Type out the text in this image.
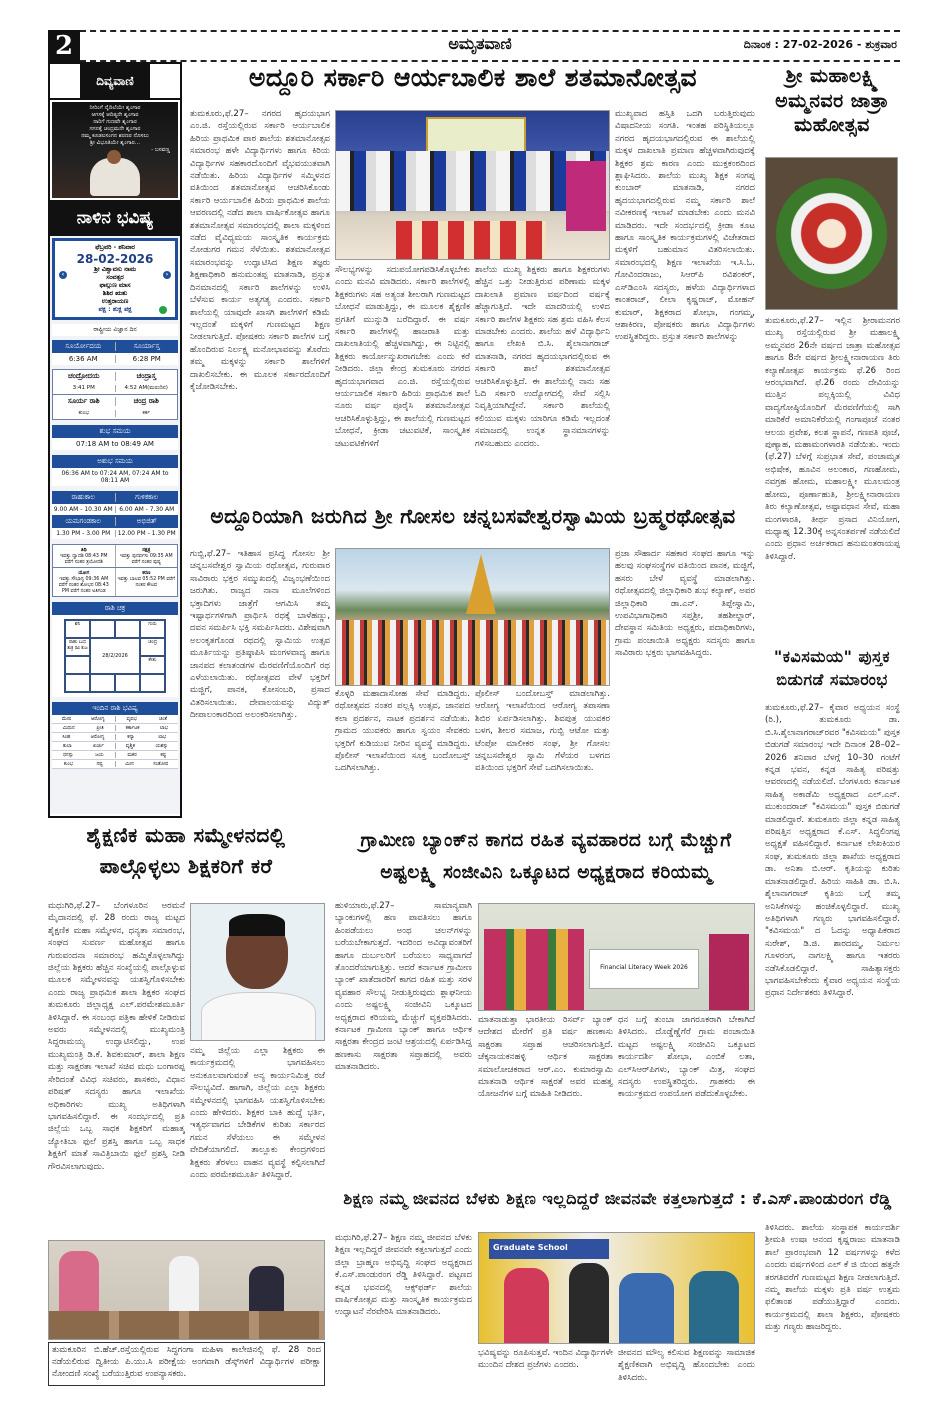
2	ಅಮೃತವಾಣಿ	ದಿನಾಂಕ : 27-02-2026 - ಶುಕ್ರವಾರ
ದಿವ್ಯವಾಣಿ
ನೀರಿಂಗೆ ನೈದಿಲೆಯೇ ಶೃಂಗಾರ
ಆಗಸಕ್ಕೆ ಆದಿತ್ಯನೇ ಶೃಂಗಾರ
ನಾರಿಗೆ ಗುಣವೇ ಶೃಂಗಾರ
ಗಗನಕ್ಕೆ ಚಂದ್ರಮನೇ ಶೃಂಗಾರ
ನಮ್ಮ ಕೂಡಲಸಂಗನ ಶರಣರ ನೊಸಲು
ಶ್ರೀ ವಿಭೂತಿಯೇ ಶೃಂಗಾರ...
- ಬಸವಣ್ಣ
ನಾಳಿನ ಭವಿಷ್ಯ
ಫೆಬ್ರವರಿ - ಶನಿವಾರ
28-02-2026
ಶ್ರೀ ವಿಶ್ವಾವಸು ನಾಮ
ಸಂವತ್ಸರ
ಫಾಲ್ಗುಣ ಮಾಸ
ಶಿಶಿರ ಋತು
ಉತ್ತರಾಯಣ
ಪಕ್ಷ : ಶುಕ್ಲ ಪಕ್ಷ
‹	›
ರಾಷ್ಟ್ರೀಯ ವಿಜ್ಞಾನ ದಿನ
ಸೂರ್ಯೋದಯ	ಸೂರ್ಯಾಸ್ತ
6:36 AM	6:28 PM
ಚಂದ್ರೋದಯ	ಚಂದ್ರಾಸ್ತ
3:41 PM	4:52 AM(ಮರುದಿನ)
ಸೂರ್ಯ ರಾಶಿ	ಚಂದ್ರ ರಾಶಿ
ಕುಂಭ	ಕರ್ಕ
ಶುಭ ಸಮಯ
07:18 AM to 08:49 AM
ಅಶುಭ ಸಮಯ
06:36 AM to 07:24 AM, 07:24 AM to 08:11 AM
ರಾಹುಕಾಲ	ಗುಳಿಕಕಾಲ
9.00 AM - 10.30 AM	6.00 AM - 7.30 AM
ಯಮಗಂಡಕಾಲ	ಅಭಿಜಿತ್
1.30 PM - 3.00 PM	12.00 PM - 1.30 PM
ತಿಥಿ
ಇವತ್ತು ದ್ವಾದಶಿ 08:43 PM ವರೆಗೆ ನಂತರ ತ್ರಯೋದಶಿ
ನಕ್ಷತ್ರ
ಇವತ್ತು ಪುನರ್ವಸು 09:35 AM ವರೆಗೆ ನಂತರ ಪುಷ್ಯ
ಯೋಗ
ಇವತ್ತು ಸೌಭಾಗ್ಯ 09:36 AM ವರೆಗೆ ನಂತರ ಶೋಭನ 08:43 PM ವರೆಗೆ ನಂತರ ಅತಿಗಂಡ
ಕರಣ
ಇವತ್ತು ಬಾಲವ 05:52 PM ವರೆಗೆ ನಂತರ ಕೌಲವ
ರಾಶಿ ಚಕ್ರ
ಶನಿ	ಗುರು
ರಾಹು ಬುಧ ಶುಕ್ರ ರವಿ ಕುಜ
28/2/2026
ಚಂದ್ರ
ಕೇತು
ಇಂದಿನ ರಾಶಿ ಭವಿಷ್ಯ
ಮೇಷ	ಆರೋಗ್ಯ	ವೃಷಭ	ಚಿಂತೆ
ಮಿಥುನ	ಪ್ರೀತಿ	ಕರ್ಕಾಟಕ	ಲಾಭ
ಸಿಂಹ	ಆರೋಗ್ಯ	ಕನ್ಯಾ	ಲಾಭ
ತುಲಾ	ಖರ್ಚು	ವೃಶ್ಚಿಕ	ಯಶಸ್ಸು
ಧನಸ್ಸು	ಜಯ	ಮಕರ	ಕಷ್ಟ
ಕುಂಭ	ನಷ್ಟ	ಮೀನ	ಸಂತೋಷ
ಅದ್ದೂರಿ ಸರ್ಕಾರಿ ಆರ್ಯಬಾಲಿಕ ಶಾಲೆ ಶತಮಾನೋತ್ಸವ
ತುಮಕೂರು,ಫೆ.27– ನಗರದ ಹೃದಯಭಾಗ ಎಂ.ಜಿ. ರಸ್ತೆಯಲ್ಲಿರುವ ಸರ್ಕಾರಿ ಆರ್ಯಬಾಲಿಕ ಹಿರಿಯ ಪ್ರಾಥಮಿಕ ಪಾಠ ಶಾಲೆಯ ಶತಮಾನೋತ್ಸವ ಸಮಾರಂಭ ಹಳೇ ವಿದ್ಯಾರ್ಥಿಗಳು ಹಾಗೂ ಕಿರಿಯ ವಿದ್ಯಾರ್ಥಿಗಳ ಸಹಕಾರದೊಂದಿಗೆ ವೈಭವಯುತವಾಗಿ ನಡೆಯಿತು. ಹಿರಿಯ ವಿದ್ಯಾರ್ಥಿಗಳ ಸಮ್ಮಿಳನದ ವತಿಯಿಂದ ಶತಮಾನೋತ್ಸವ ಆಚರಿಸಿಕೊಂಡು ಸರ್ಕಾರಿ ಆರ್ಯಬಾಲಿಕ ಹಿರಿಯ ಪ್ರಾಥಮಿಕ ಶಾಲೆಯ ಆವರಣದಲ್ಲಿ ನಡೆದ ಶಾಲಾ ವಾರ್ಷಿಕೋತ್ಸವ ಹಾಗೂ ಶತಮಾನೋತ್ಸವ ಸಮಾರಂಭದಲ್ಲಿ ಶಾಲಾ ಮಕ್ಕಳಿಂದ ನಡೆದ ವೈವಿಧ್ಯಮಯ ಸಾಂಸ್ಕೃತಿಕ ಕಾರ್ಯಕ್ರಮ ನೋಡುಗರ ಗಮನ ಸೆಳೆಯಿತು. ಶತಮಾನೋತ್ಸವ ಸಮಾರಂಭವನ್ನು ಉದ್ಘಾಟಿಸಿದ ಶಿಕ್ಷಣ ತಜ್ಞರು ಶಿಕ್ಷಣಾಧಿಕಾರಿ ಹನುಮಂತಪ್ಪ ಮಾತನಾಡಿ, ಪ್ರಸ್ತುತ ದಿನಮಾನದಲ್ಲಿ ಸರ್ಕಾರಿ ಶಾಲೆಗಳನ್ನು ಉಳಿಸಿ ಬೆಳೆಸುವ ಕಾರ್ಯ ಅತ್ಯಗತ್ಯ ಎಂದರು. ಸರ್ಕಾರಿ ಶಾಲೆಯಲ್ಲಿ ಯಾವುದೇ ಖಾಸಗಿ ಶಾಲೆಗಳಿಗೆ ಕಡಿಮೆ ಇಲ್ಲದಂತೆ ಮಕ್ಕಳಿಗೆ ಗುಣಮಟ್ಟದ ಶಿಕ್ಷಣ ನೀಡಲಾಗುತ್ತಿದೆ. ಪೋಷಕರು ಸರ್ಕಾರಿ ಶಾಲೆಗಳ ಬಗ್ಗೆ ಹೊಂದಿರುವ ನಿರ್ಲಕ್ಷ್ಯ ಮನೋಭಾವವನ್ನು ತೊರೆದು ತಮ್ಮ ಮಕ್ಕಳನ್ನು ಸರ್ಕಾರಿ ಶಾಲೆಗಳಿಗೆ ದಾಖಲಿಸಬೇಕು. ಈ ಮೂಲಕ ಸರ್ಕಾರದೊಂದಿಗೆ ಕೈಜೋಡಿಸಬೇಕು.
ಸೌಲಭ್ಯಗಳನ್ನು ಸದುಪಯೋಗಪಡಿಸಿಕೊಳ್ಳಬೇಕು ಎಂದು ಮನವಿ ಮಾಡಿದರು. ಸರ್ಕಾರಿ ಶಾಲೆಗಳಲ್ಲಿ ಶಿಕ್ಷಕರುಗಳು ಸಹ ಅತ್ಯಂತ ಶೀಲರಾಗಿ ಗುಣಮಟ್ಟದ ಬೋಧನೆ ಮಾಡುತ್ತಿದ್ದು, ಈ ಮೂಲಕ ಶೈಕ್ಷಣಿಕ ಪ್ರಗತಿಗೆ ಮುನ್ನುಡಿ ಬರೆದಿದ್ದಾರೆ. ಈ ವರ್ಷ ಸರ್ಕಾರಿ ಶಾಲೆಗಳಲ್ಲಿ ಹಾಜರಾತಿ ಮತ್ತು ದಾಖಲಾತಿಯಲ್ಲಿ ಹೆಚ್ಚಳವಾಗಿದ್ದು, ಈ ನಿಟ್ಟಿನಲ್ಲಿ ಶಿಕ್ಷಕರು ಕಾರ್ಯೋನ್ಮುಖರಾಗಬೇಕು ಎಂದು ಕರೆ ನೀಡಿದರು. ಜಿಲ್ಲಾ ಕೇಂದ್ರ ತುಮಕೂರು ನಗರದ ಹೃದಯಭಾಗವಾದ ಎಂ.ಜಿ. ರಸ್ತೆಯಲ್ಲಿರುವ ಆರ್ಯಬಾಲಿಕ ಸರ್ಕಾರಿ ಹಿರಿಯ ಪ್ರಾಥಮಿಕ ಶಾಲೆ ನೂರು ವರ್ಷ ಪೂರೈಸಿ ಶತಮಾನೋತ್ಸವ ಆಚರಿಸಿಕೊಳ್ಳುತ್ತಿದ್ದು, ಈ ಶಾಲೆಯಲ್ಲಿ ಗುಣಮಟ್ಟದ ಬೋಧನೆ, ಕ್ರೀಡಾ ಚಟುವಟಿಕೆ, ಸಾಂಸ್ಕೃತಿಕ ಚಟುವಟಿಕೆಗಳಿಗೆ
ಶಾಲೆಯ ಮುಖ್ಯ ಶಿಕ್ಷಕರು ಹಾಗೂ ಶಿಕ್ಷಕರುಗಳು ಹೆಚ್ಚಿನ ಒತ್ತು ನೀಡುತ್ತಿರುವ ಪರಿಣಾಮ ಮಕ್ಕಳ ದಾಖಲಾತಿ ಪ್ರಮಾಣ ವರ್ಷದಿಂದ ವರ್ಷಕ್ಕೆ ಹೆಚ್ಚಾಗುತ್ತಿದೆ. ಇದೇ ಮಾದರಿಯಲ್ಲಿ ಉಳಿದ ಸರ್ಕಾರಿ ಶಾಲೆಗಳ ಶಿಕ್ಷಕರು ಸಹ ಶ್ರಮ ವಹಿಸಿ ಕೆಲಸ ಮಾಡಬೇಕು ಎಂದರು. ಶಾಲೆಯ ಹಳೆ ವಿದ್ಯಾರ್ಥಿನಿ ಹಾಗೂ ಲೇಖಕಿ ಬಿ.ಸಿ. ಶೈಲಾನಾಗರಾಜ್ ಮಾತನಾಡಿ, ನಗರದ ಹೃದಯಭಾಗದಲ್ಲಿರುವ ಈ ಸರ್ಕಾರಿ ಶಾಲೆ ಶತಮಾನೋತ್ಸವ ಆಚರಿಸಿಕೊಳ್ಳುತ್ತಿದೆ. ಈ ಶಾಲೆಯಲ್ಲಿ ನಾನು ಸಹ ಓದಿ ಸರ್ಕಾರಿ ಉದ್ಯೋಗದಲ್ಲಿ ಸೇವೆ ಸಲ್ಲಿಸಿ ನಿವೃತ್ತಿಯಾಗಿದ್ದೇನೆ. ಸರ್ಕಾರಿ ಶಾಲೆಯಲ್ಲಿ ಕಲಿಯುವ ಮಕ್ಕಳು ಯಾರಿಗೂ ಕಡಿಮೆ ಇಲ್ಲದಂತೆ ಸಮಾಜದಲ್ಲಿ ಉನ್ನತ ಸ್ಥಾನಮಾನಗಳನ್ನು ಗಳಿಸಬಹುದು ಎಂದರು.
ಮುಖ್ಯವಾದ ಹಸ್ತಿತಿ ಒದಗಿ ಬರುತ್ತಿರುವುದು ವಿಷಾದನೀಯ ಸಂಗತಿ. ಇಂತಹ ಪರಿಸ್ಥಿತಿಯಲ್ಲೂ ನಗರದ ಹೃದಯಭಾಗದಲ್ಲಿರುವ ಈ ಶಾಲೆಯಲ್ಲಿ ಮಕ್ಕಳ ದಾಖಲಾತಿ ಪ್ರಮಾಣ ಹೆಚ್ಚಳವಾಗಿರುವುದಕ್ಕೆ ಶಿಕ್ಷಕರ ಶ್ರಮ ಕಾರಣ ಎಂದು ಮುಕ್ತಕಂಠದಿಂದ ಶ್ಲಾಘಿಸಿದರು. ಶಾಲೆಯ ಮುಖ್ಯ ಶಿಕ್ಷಕ ಸಂಗಪ್ಪ ಕುಂಬಾರ್ ಮಾತನಾಡಿ, ನಗರದ ಹೃದಯಭಾಗದಲ್ಲಿರುವ ನಮ್ಮ ಸರ್ಕಾರಿ ಶಾಲೆ ನವೀಕರಣಕ್ಕೆ ಇಲಾಖೆ ಮಾಡಬೇಕು ಎಂದು ಮನವಿ ಮಾಡಿದರು. ಇದೇ ಸಂದರ್ಭದಲ್ಲಿ ಕ್ರೀಡಾ ಕೂಟ ಹಾಗೂ ಸಾಂಸ್ಕೃತಿಕ ಕಾರ್ಯಕ್ರಮಗಳಲ್ಲಿ ವಿಜೇತರಾದ ಮಕ್ಕಳಿಗೆ ಬಹುಮಾನ ವಿತರಿಸಲಾಯಿತು. ಸಮಾರಂಭದಲ್ಲಿ ಶಿಕ್ಷಣ ಇಲಾಖೆಯ ಇ.ಸಿ.ಓ. ಗೋವಿಂದರಾಜು, ಸಿಆರ್‌ಪಿ ರವಿಶಂಕರ್, ಎಸ್‌ಡಿಎಂಸಿ ಸದಸ್ಯರು, ಹಳೆಯ ವಿದ್ಯಾರ್ಥಿಗಳಾದ ಕಾಂತರಾಜ್, ಲೀಲಾ ಕೃಷ್ಣರಾಜ್, ಮೋಹನ್ ಕುಮಾರ್, ಶಿಕ್ಷಕರಾದ ಶೋಭಾ, ಗಂಗಮ್ಮ, ಆಶಾಕಿರಣ, ಪೋಷಕರು ಹಾಗೂ ವಿದ್ಯಾರ್ಥಿಗಳು ಉಪಸ್ಥಿತರಿದ್ದರು. ಪ್ರಸ್ತುತ ಸರ್ಕಾರಿ ಶಾಲೆಗಳನ್ನು
ಶ್ರೀ ಮಹಾಲಕ್ಷ್ಮಿ ಅಮ್ಮನವರ ಜಾತ್ರಾ ಮಹೋತ್ಸವ
ತುಮಕೂರು,ಫೆ.27– ಇಲ್ಲಿನ ಶ್ರೀರಾಮನಗರ ಮುಖ್ಯ ರಸ್ತೆಯಲ್ಲಿರುವ ಶ್ರೀ ಮಹಾಲಕ್ಷ್ಮಿ ಅಮ್ಮನವರ 26ನೇ ವರ್ಷದ ಜಾತ್ರಾ ಮಹೋತ್ಸವ ಹಾಗೂ 8ನೇ ವರ್ಷದ ಶ್ರೀಲಕ್ಷ್ಮೀನಾರಾಯಣ ತಿರು ಕಲ್ಯಾಣೋತ್ಸವ ಕಾರ್ಯಕ್ರಮ ಫೆ.26 ರಿಂದ ಆರಂಭವಾಗಿದೆ. ಫೆ.26 ರಂದು ದೇವಿಯನ್ನು ಮುತ್ತಿನ ಪಲ್ಲಕ್ಕಿಯಲ್ಲಿ ವಿವಿಧ ವಾದ್ಯಗೋಷ್ಠಿಯೊಂದಿಗೆ ಮೆರವಣಿಗೆಯಲ್ಲಿ ಸಾಗಿ ಮಾರಿಕೆರೆ ಅಮಾನಿಕೆರೆಯಲ್ಲಿ ಗಂಗಾಪೂಜೆ ನಂತರ ಆಲಯ ಪ್ರವೇಶ, ಕಲಶ ಸ್ಥಾಪನೆ, ಗಣಪತಿ ಪೂಜೆ, ಪುಣ್ಯಾಹ, ಮಹಾಮಂಗಳಾರತಿ ನಡೆಯಿತು. ಇಂದು (ಫೆ.27) ಬೆಳಗ್ಗೆ ಸುಪ್ರಭಾತ ಸೇವೆ, ಪಂಚಾಮೃತ ಅಭಿಷೇಕ, ಹೂವಿನ ಅಲಂಕಾರ, ಗಣಹೋಮ, ನವಗ್ರಹ ಹೋಮ, ಮಹಾಲಕ್ಷ್ಮೀ ಮೂಲಮಂತ್ರ ಹೋಮ, ಪೂರ್ಣಾಹುತಿ, ಶ್ರೀಲಕ್ಷ್ಮೀನಾರಾಯಣ ತಿರು ಕಲ್ಯಾಣೋತ್ಸವ, ಅಷ್ಟಾವಧಾನ ಸೇವೆ, ಮಹಾ ಮಂಗಳಾರತಿ, ತೀರ್ಥ ಪ್ರಸಾದ ವಿನಿಯೋಗ, ಮಧ್ಯಾಹ್ನ 12.30ಕ್ಕೆ ಅನ್ನಸಂತರ್ಪಣೆ ನಡೆಯಲಿದೆ ಎಂದು ಪ್ರಧಾನ ಅರ್ಚಕರಾದ ಹನುಮಂತರಾಯಪ್ಪ ತಿಳಿಸಿದ್ದಾರೆ.
"ಕವಿಸಮಯ" ಪುಸ್ತಕ ಬಿಡುಗಡೆ ಸಮಾರಂಭ
ತುಮಕೂರು,ಫೆ.27– ಕೈವಾರ ಅಧ್ಯಯನ ಸಂಸ್ಥೆ (ರಿ.), ತುಮಕೂರು ಡಾ. ಬಿ.ಸಿ.ಶೈಲಾನಾಗರಾಜ್‌ರವರ "ಕವಿಸಮಯ" ಪುಸ್ತಕ ಬಿಡುಗಡೆ ಸಮಾರಂಭ ಇದೇ ದಿನಾಂಕ 28–02–2026 ಶನಿವಾರ ಬೆಳಗ್ಗೆ 10–30 ಗಂಟೆಗೆ ಕನ್ನಡ ಭವನ, ಕನ್ನಡ ಸಾಹಿತ್ಯ ಪರಿಷತ್ತು ಆವರಣದಲ್ಲಿ ನಡೆಯಲಿದೆ. ಬೆಂಗಳೂರು ಕರ್ನಾಟಕ ಸಾಹಿತ್ಯ ಅಕಾಡೆಮಿ ಅಧ್ಯಕ್ಷರಾದ ಎಲ್.ಎನ್. ಮುಕುಂದರಾಜ್ "ಕವಿಸಮಯ" ಪುಸ್ತಕ ಬಿಡುಗಡೆ ಮಾಡಲಿದ್ದಾರೆ. ತುಮಕೂರು ಜಿಲ್ಲಾ ಕನ್ನಡ ಸಾಹಿತ್ಯ ಪರಿಷತ್ತಿನ ಅಧ್ಯಕ್ಷರಾದ ಕೆ.ಎಸ್. ಸಿದ್ಧಲಿಂಗಪ್ಪ ಅಧ್ಯಕ್ಷತೆ ವಹಿಸಲಿದ್ದಾರೆ. ಕರ್ನಾಟಕ ಲೇಖಕಿಯರ ಸಂಘ, ತುಮಕೂರು ಜಿಲ್ಲಾ ಶಾಖೆಯ ಅಧ್ಯಕ್ಷರಾದ ಡಾ. ಅನಿತಾ ಬಿ.ಆರ್. ಕೃತಿಯನ್ನು ಕುರಿತು ಮಾತನಾಡಲಿದ್ದಾರೆ. ಹಿರಿಯ ಸಾಹಿತಿ ಡಾ. ಬಿ.ಸಿ. ಶೈಲಾನಾಗರಾಜ್ ಕೃತಿಯ ಬಗ್ಗೆ ತಮ್ಮ ಅನಿಸಿಕೆಗಳನ್ನು ಹಂಚಿಕೊಳ್ಳಲಿದ್ದಾರೆ. ಮುಖ್ಯ ಅತಿಥಿಗಳಾಗಿ ಗಣ್ಯರು ಭಾಗವಹಿಸಲಿದ್ದಾರೆ. "ಕವಿಸಮಯ" ದ ಓದನ್ನು ಅಧ್ಯಾಪಿಕರಾದ ಸುರೇಶ್, ಡಿ.ಜಿ. ಶಾರದಮ್ಮ, ನಿರ್ಮಲ ಗೂಳರಂಗ, ನಾಗಲಕ್ಷ್ಮಿ ಹಾಗೂ ಇತರರು ನಡೆಸಿಕೊಡಲಿದ್ದಾರೆ. ಸಾಹಿತ್ಯಾಸಕ್ತರು ಭಾಗವಹಿಸಬೇಕೆಂದು ಕೈವಾರ ಅಧ್ಯಯನ ಸಂಸ್ಥೆಯ ಪ್ರಧಾನ ನಿರ್ದೇಶಕರು ತಿಳಿಸಿದ್ದಾರೆ.
ಅದ್ದೂರಿಯಾಗಿ ಜರುಗಿದ ಶ್ರೀ ಗೋಸಲ ಚನ್ನಬಸವೇಶ್ವರಸ್ವಾಮಿಯ ಬ್ರಹ್ಮರಥೋತ್ಸವ
ಗುಬ್ಬಿ,ಫೆ.27– ಇತಿಹಾಸ ಪ್ರಸಿದ್ಧ ಗೋಸಲ ಶ್ರೀ ಚನ್ನಬಸವೇಶ್ವರ ಸ್ವಾಮಿಯ ರಥೋತ್ಸವ, ಗುರುವಾರ ಸಾವಿರಾರು ಭಕ್ತರ ಸಮ್ಮುಖದಲ್ಲಿ ವಿಜೃಂಭಣೆಯಿಂದ ಜರುಗಿತು. ರಾಜ್ಯದ ನಾನಾ ಮೂಲೆಗಳಿಂದ ಭಕ್ತಾದಿಗಳು ಜಾತ್ರೆಗೆ ಆಗಮಿಸಿ ತಮ್ಮ ಇಷ್ಟಾರ್ಥಗಳಿಗಾಗಿ ಪ್ರಾರ್ಥಿಸಿ ರಥಕ್ಕೆ ಬಾಳೆಹಣ್ಣು, ದವನ ಸಮರ್ಪಿಸಿ ಭಕ್ತಿ ಸಮರ್ಪಿಸಿದರು. ವಿಶೇಷವಾಗಿ ಅಲಂಕೃತಗೊಂಡ ರಥದಲ್ಲಿ ಸ್ವಾಮಿಯ ಉತ್ಸವ ಮೂರ್ತಿಯನ್ನು ಪ್ರತಿಷ್ಠಾಪಿಸಿ ಮಂಗಳವಾದ್ಯ ಹಾಗೂ ಜಾನಪದ ಕಲಾತಂಡಗಳ ಮೆರವಣಿಗೆಯೊಂದಿಗೆ ರಥ ಎಳೆಯಲಾಯಿತು. ರಥೋತ್ಸವದ ವೇಳೆ ಭಕ್ತರಿಗೆ ಮಜ್ಜಿಗೆ, ಪಾನಕ, ಕೋಸಂಬರಿ, ಪ್ರಸಾದ ವಿತರಿಸಲಾಯಿತು. ದೇವಾಲಯವನ್ನು ವಿದ್ಯುತ್ ದೀಪಾಲಂಕಾರದಿಂದ ಅಲಂಕರಿಸಲಾಗಿತ್ತು.
ಕೊಳ್ಳರಿ ಮಹಾದಾಸೋಹ ಸೇವೆ ಮಾಡಿದ್ದರು. ರಥೋತ್ಸವದ ನಂತರ ಪಲ್ಲಕ್ಕಿ ಉತ್ಸವ, ಜಾನಪದ ಕಲಾ ಪ್ರದರ್ಶನ, ನಾಟಕ ಪ್ರದರ್ಶನ ನಡೆಯಿತು. ಗ್ರಾಮದ ಯುವಕರು ಹಾಗೂ ಸ್ವಯಂ ಸೇವಕರು ಭಕ್ತರಿಗೆ ಕುಡಿಯುವ ನೀರಿನ ವ್ಯವಸ್ಥೆ ಮಾಡಿದ್ದರು. ಪೊಲೀಸ್ ಇಲಾಖೆಯಿಂದ ಸೂಕ್ತ ಬಂದೋಬಸ್ತ್ ಒದಗಿಸಲಾಗಿತ್ತು.
ಪೊಲೀಸ್ ಬಂದೋಬಸ್ತ್ ಮಾಡಲಾಗಿತ್ತು. ಆರೋಗ್ಯ ಇಲಾಖೆಯಿಂದ ಆರೋಗ್ಯ ತಪಾಸಣಾ ಶಿಬಿರ ಏರ್ಪಡಿಸಲಾಗಿತ್ತು. ಶಿವಪುತ್ರ ಯುವಕರ ಬಳಗ, ಶೀಲರ ಸಮಾಜ, ಗುಬ್ಬಿ ಆಟೋ ಮತ್ತು ಟೆಂಪೋ ಮಾಲೀಕರ ಸಂಘ, ಶ್ರೀ ಗೋಸಲ ಚನ್ನಬಸವೇಶ್ವರ ಸ್ವಾಮಿ ಗೆಳೆಯರ ಬಳಗದ ವತಿಯಿಂದ ಭಕ್ತರಿಗೆ ಸೇವೆ ಒದಗಿಸಲಾಯಿತು.
ಪ್ರಜಾ ಸೌಹಾರ್ದ ಸಹಕಾರ ಸಂಘದ ಹಾಗೂ ಇನ್ನು ಹಲವು ಸಂಘಸಂಸ್ಥೆಗಳ ವತಿಯಿಂದ ಪಾನಕ, ಮಜ್ಜಿಗೆ, ಹಸರು ಬೇಳೆ ವ್ಯವಸ್ಥೆ ಮಾಡಲಾಗಿತ್ತು. ರಥೋತ್ಸವದಲ್ಲಿ ಜಿಲ್ಲಾಧಿಕಾರಿ ಶುಭ ಕಲ್ಯಾಣ್, ಅಪರ ಜಿಲ್ಲಾಧಿಕಾರಿ ಡಾ.ಎನ್. ತಿಪ್ಪೇಸ್ವಾಮಿ, ಉಪವಿಭಾಗಾಧಿಕಾರಿ ಸಪ್ತಶ್ರೀ, ತಹಶೀಲ್ದಾರ್, ದೇವಸ್ಥಾನ ಸಮಿತಿಯ ಅಧ್ಯಕ್ಷರು, ಪದಾಧಿಕಾರಿಗಳು, ಗ್ರಾಮ ಪಂಚಾಯಿತಿ ಅಧ್ಯಕ್ಷರು ಸದಸ್ಯರು ಹಾಗೂ ಸಾವಿರಾರು ಭಕ್ತರು ಭಾಗವಹಿಸಿದ್ದರು.
ಶೈಕ್ಷಣಿಕ ಮಹಾ ಸಮ್ಮೇಳನದಲ್ಲಿ
ಪಾಲ್ಗೊಳ್ಳಲು ಶಿಕ್ಷಕರಿಗೆ ಕರೆ
ಮಧುಗಿರಿ,ಫೆ.27– ಬೆಂಗಳೂರಿನ ಅರಮನೆ ಮೈದಾನದಲ್ಲಿ ಫೆ. 28 ರಂದು ರಾಜ್ಯ ಮಟ್ಟದ ಶೈಕ್ಷಣಿಕ ಮಹಾ ಸಮ್ಮೇಳನ, ಧನ್ಯತಾ ಸಮಾರಂಭ, ಸಂಘದ ಸುವರ್ಣ ಮಹೋತ್ಸವ ಹಾಗೂ ಗುರುವಂದನಾ ಸಮಾರಂಭ ಹಮ್ಮಿಕೊಳ್ಳಲಾಗಿದ್ದು ಜಿಲ್ಲೆಯ ಶಿಕ್ಷಕರು ಹೆಚ್ಚಿನ ಸಂಖ್ಯೆಯಲ್ಲಿ ಪಾಲ್ಗೊಳ್ಳುವ ಮೂಲಕ ಸಮ್ಮೇಳನವನ್ನು ಯಶಸ್ವಿಗೊಳಿಸಬೇಕು ಎಂದು ರಾಜ್ಯ ಪ್ರಾಥಮಿಕ ಶಾಲಾ ಶಿಕ್ಷಕರ ಸಂಘದ ತುಮಕೂರು ಜಿಲ್ಲಾಧ್ಯಕ್ಷ ಎಲ್.ಪರಮೇಶಮೂರ್ತಿ ತಿಳಿಸಿದ್ದಾರೆ. ಈ ಸಂಬಂಧ ಪತ್ರಿಕಾ ಹೇಳಿಕೆ ನೀಡಿರುವ ಅವರು ಸಮ್ಮೇಳನದಲ್ಲಿ ಮುಖ್ಯಮಂತ್ರಿ ಸಿದ್ದರಾಮಯ್ಯ ಉದ್ಘಾಟಿಸಲಿದ್ದು, ಉಪ ಮುಖ್ಯಮಂತ್ರಿ ಡಿ.ಕೆ. ಶಿವಕುಮಾರ್, ಶಾಲಾ ಶಿಕ್ಷಣ ಮತ್ತು ಸಾಕ್ಷರತಾ ಇಲಾಖೆ ಸಚಿವ ಮಧು ಬಂಗಾರಪ್ಪ ಸೇರಿದಂತೆ ವಿವಿಧ ಸಚಿವರು, ಶಾಸಕರು, ವಿಧಾನ ಪರಿಷತ್ ಸದಸ್ಯರು ಹಾಗೂ ಇಲಾಖೆಯ ಅಧಿಕಾರಿಗಳು ಮುಖ್ಯ ಅತಿಥಿಗಳಾಗಿ ಭಾಗವಹಿಸಲಿದ್ದಾರೆ. ಈ ಸಂದರ್ಭದಲ್ಲಿ ಪ್ರತಿ ಜಿಲ್ಲೆಯ ಒಬ್ಬ ಸಾಧಕ ಶಿಕ್ಷಕರಿಗೆ ಮಹಾತ್ಮ ಜ್ಯೋತಿಬಾ ಫುಲೆ ಪ್ರಶಸ್ತಿ ಹಾಗೂ ಒಬ್ಬ ಸಾಧಕ ಶಿಕ್ಷಕಿಗೆ ಮಾತೆ ಸಾವಿತ್ರಿಬಾಯಿ ಫುಲೆ ಪ್ರಶಸ್ತಿ ನೀಡಿ ಗೌರವಿಸಲಾಗುವುದು.
ನಮ್ಮ ಜಿಲ್ಲೆಯ ಎಲ್ಲಾ ಶಿಕ್ಷಕರು ಈ ಕಾರ್ಯಕ್ರಮದಲ್ಲಿ ಭಾಗವಹಿಸಲು ಅನುಕೂಲವಾಗುವಂತೆ ಅನ್ಯ ಕಾರ್ಯನಿಮಿತ್ತ ರಜೆ ಸೌಲಭ್ಯವಿದೆ. ಹಾಗಾಗಿ, ಜಿಲ್ಲೆಯ ಎಲ್ಲಾ ಶಿಕ್ಷಕರು ಸಮ್ಮೇಳನದಲ್ಲಿ ಭಾಗವಹಿಸಿ ಯಶಸ್ವಿಗೊಳಿಸಬೇಕು ಎಂದು ಹೇಳಿದರು. ಶಿಕ್ಷಕರ ಬಾಕಿ ಹುದ್ದೆ ಭರ್ತಿ, ಇತ್ಯರ್ಥವಾಗದ ಬೇಡಿಕೆಗಳ ಕುರಿತು ಸರ್ಕಾರದ ಗಮನ ಸೆಳೆಯಲು ಈ ಸಮ್ಮೇಳನ ವೇದಿಕೆಯಾಗಲಿದೆ. ತಾಲ್ಲೂಕು ಕೇಂದ್ರಗಳಿಂದ ಶಿಕ್ಷಕರು ತೆರಳಲು ವಾಹನ ವ್ಯವಸ್ಥೆ ಕಲ್ಪಿಸಲಾಗಿದೆ ಎಂದು ಪರಮೇಶಮೂರ್ತಿ ತಿಳಿಸಿದ್ದಾರೆ.
ತುಮಕೂರಿನ ಬಿ.ಹೆಚ್.ರಸ್ತೆಯಲ್ಲಿರುವ ಸಿದ್ಧಗಂಗಾ ಮಹಿಳಾ ಕಾಲೇಜಿನಲ್ಲಿ ಫೆ. 28 ರಿಂದ ನಡೆಯಲಿರುವ ದ್ವಿತೀಯ ಪಿ.ಯು.ಸಿ ಪರೀಕ್ಷೆಯ ಅಂಗವಾಗಿ ಡೆಸ್ಕ್‌ಗಳಿಗೆ ವಿದ್ಯಾರ್ಥಿಗಳ ಪರೀಕ್ಷಾ ನೋಂದಣಿ ಸಂಖ್ಯೆ ಬರೆಯುತ್ತಿರುವ ಉಪನ್ಯಾಸಕರು.
ಗ್ರಾಮೀಣ ಬ್ಯಾಂಕ್‌ನ ಕಾಗದ ರಹಿತ ವ್ಯವಹಾರದ ಬಗ್ಗೆ ಮೆಚ್ಚುಗೆ
ಅಷ್ಟಲಕ್ಷ್ಮಿ ಸಂಜೀವಿನಿ ಒಕ್ಕೂಟದ ಅಧ್ಯಕ್ಷರಾದ ಕರಿಯಮ್ಮ
ಹುಳಿಯಾರು,ಫೆ.27– ಸಾಮಾನ್ಯವಾಗಿ ಬ್ಯಾಂಕುಗಳಲ್ಲಿ ಹಣ ಪಾವತಿಸಲು ಹಾಗೂ ಹಿಂಪಡೆಯಲು ಅಂಥ ಚಲನ್‌ಗಳನ್ನು ಬರೆಯಬೇಕಾಗುತ್ತದೆ. ಇದರಿಂದ ಅವಿದ್ಯಾವಂತರಿಗೆ ಹಾಗೂ ದುರ್ಬಲರಿಗೆ ಬರೆಯಲು ಸಾಧ್ಯವಾಗದೆ ತೊಂದರೆಯಾಗುತ್ತಿತ್ತು. ಆದರೆ ಕರ್ನಾಟಕ ಗ್ರಾಮೀಣ ಬ್ಯಾಂಕ್ ಖಾತೆದಾರರಿಗೆ ಕಾಗದ ರಹಿತ ಮತ್ತು ಸರಳ ವ್ಯವಹಾರ ಸೌಲಭ್ಯ ನೀಡುತ್ತಿರುವುದು ಶ್ಲಾಘನೀಯ ಎಂದು ಅಷ್ಟಲಕ್ಷ್ಮಿ ಸಂಜೀವಿನಿ ಒಕ್ಕೂಟದ ಅಧ್ಯಕ್ಷರಾದ ಕರಿಯಮ್ಮ ಮೆಚ್ಚುಗೆ ವ್ಯಕ್ತಪಡಿಸಿದರು. ಕರ್ನಾಟಕ ಗ್ರಾಮೀಣ ಬ್ಯಾಂಕ್ ಹಾಗೂ ಆರ್ಥಿಕ ಸಾಕ್ಷರತಾ ಕೇಂದ್ರದ ಜಂಟಿ ಆಶ್ರಯದಲ್ಲಿ ಏರ್ಪಡಿಸಿದ್ದ ಹಣಕಾಸು ಸಾಕ್ಷರತಾ ಸಪ್ತಾಹದಲ್ಲಿ ಅವರು ಮಾತನಾಡಿದರು.
Financial Literacy Week 2026
ಮಾತನಾಡುತ್ತಾ ಭಾರತೀಯ ರಿಸರ್ವ್ ಬ್ಯಾಂಕ್ ಆದೇಶದ ಮೇರೆಗೆ ಪ್ರತಿ ವರ್ಷ ಹಣಕಾಸು ಸಾಕ್ಷರತಾ ಸಪ್ತಾಹ ಆಚರಿಸಲಾಗುತ್ತಿದೆ. ಚೆಕ್ಕನಾಯಕನಹಳ್ಳಿ ಆರ್ಥಿಕ ಸಾಕ್ಷರತಾ ಸಮಾಲೋಚಕರಾದ ಆರ್.ಎಂ. ಕುಮಾರಸ್ವಾಮಿ ಮಾತನಾಡಿ ಆರ್ಥಿಕ ಸಾಕ್ಷರತೆ ಅವರ ಮಹತ್ವ ಯೋಜನೆಗಳ ಬಗ್ಗೆ ಮಾಹಿತಿ ನೀಡಿದರು.
ಧನ ಬಗ್ಗೆ ತುಂಬಾ ಜಾಗರೂಕರಾಗಿ ಬೇಕಾಗಿದೆ ತಿಳಿಸಿದರು. ದೊಡ್ಡೆಣ್ಣೆಗೆರೆ ಗ್ರಾಮ ಪಂಚಾಯಿತಿ ಮಟ್ಟದ ಅಷ್ಟಲಕ್ಷ್ಮಿ ಸಂಜೀವಿನಿ ಒಕ್ಕೂಟದ ಕಾರ್ಯದರ್ಶಿ ಶೋಭಾ, ಎಂಬಿಕೆ ಲತಾ, ಎಲ್‌ಸಿಆರ್‌ಪಿಗಳು, ಬ್ಯಾಂಕ್ ಮಿತ್ರ, ಸಂಘದ ಸದಸ್ಯರು ಉಪಸ್ಥಿತರಿದ್ದರು. ಗ್ರಾಹಕರು ಈ ಕಾರ್ಯಕ್ರಮದ ಉಪಯೋಗ ಪಡೆದುಕೊಳ್ಳಬೇಕು.
ಶಿಕ್ಷಣ ನಮ್ಮ ಜೀವನದ ಬೆಳಕು ಶಿಕ್ಷಣ ಇಲ್ಲದಿದ್ದರೆ ಜೀವನವೇ ಕತ್ತಲಾಗುತ್ತದೆ : ಕೆ.ಎಸ್.ಪಾಂಡುರಂಗ ರೆಡ್ಡಿ
ಮಧುಗಿರಿ,ಫೆ.27– ಶಿಕ್ಷಣ ನಮ್ಮ ಜೀವನದ ಬೆಳಕು ಶಿಕ್ಷಣ ಇಲ್ಲದಿದ್ದರೆ ಜೀವನವೇ ಕತ್ತಲಾಗುತ್ತದೆ ಎಂದು ಜಿಲ್ಲಾ ಬ್ರಾಹ್ಮಣ ಅಭಿವೃದ್ಧಿ ಸಂಘದ ಅಧ್ಯಕ್ಷರಾದ ಕೆ.ಎಸ್.ಪಾಂಡುರಂಗ ರೆಡ್ಡಿ ತಿಳಿಸಿದ್ದಾರೆ. ಪಟ್ಟಣದ ಕನ್ನಡ ಭವನದಲ್ಲಿ ಆಕ್ಸ್‌ಫರ್ಡ್ ಶಾಲೆಯ ವಾರ್ಷಿಕೋತ್ಸವ ಮತ್ತು ಸಾಂಸ್ಕೃತಿಕ ಕಾರ್ಯಕ್ರಮದ ಉದ್ಘಾಟನೆ ನೆರವೇರಿಸಿ ಮಾತನಾಡಿದರು.
Graduate School
ಭವಿಷ್ಯವನ್ನು ರೂಪಿಸುತ್ತವೆ. ಇಂದಿನ ವಿದ್ಯಾರ್ಥಿಗಳೇ ಮುಂದಿನ ದೇಶದ ಪ್ರಜೆಗಳು ಎಂದರು.
ಜೀವನದ ಮೌಲ್ಯ ಕಲಿಸುವ ಶಿಕ್ಷಣವನ್ನು ಸಾಮಾಜಿಕ ಶೈಕ್ಷಣಿಕವಾಗಿ ಅಭಿವೃದ್ಧಿ ಹೊಂದಬೇಕು ಎಂದು ತಿಳಿಸಿದರು.
ತಿಳಿಸಿದರು. ಶಾಲೆಯ ಸಂಸ್ಥಾಪಕ ಕಾರ್ಯದರ್ಶಿ ಶ್ರೀಮತಿ ಉಷಾ ಆನಂದ ಕೃಷ್ಣರಾಜು ಮಾತನಾಡಿ ಶಾಲೆ ಪ್ರಾರಂಭವಾಗಿ 12 ವರ್ಷಗಳನ್ನು ಕಳೆದ ಎಂದರು ವರ್ಷಗಳಿಂದ ಎಲ್ ಕೆ ಜಿ ಯಿಂದ ಹತ್ತನೇ ತರಗತಿವರೆಗೆ ಗುಣಮಟ್ಟದ ಶಿಕ್ಷಣ ನೀಡಲಾಗುತ್ತಿದೆ. ನಮ್ಮ ಶಾಲೆಯ ಮಕ್ಕಳು ಪ್ರತಿ ವರ್ಷ ಉತ್ತಮ ಫಲಿತಾಂಶ ಪಡೆಯುತ್ತಿದ್ದಾರೆ ಎಂದರು. ಕಾರ್ಯಕ್ರಮದಲ್ಲಿ ಶಾಲಾ ಶಿಕ್ಷಕರು, ಪೋಷಕರು ಮತ್ತು ಗಣ್ಯರು ಹಾಜರಿದ್ದರು.
